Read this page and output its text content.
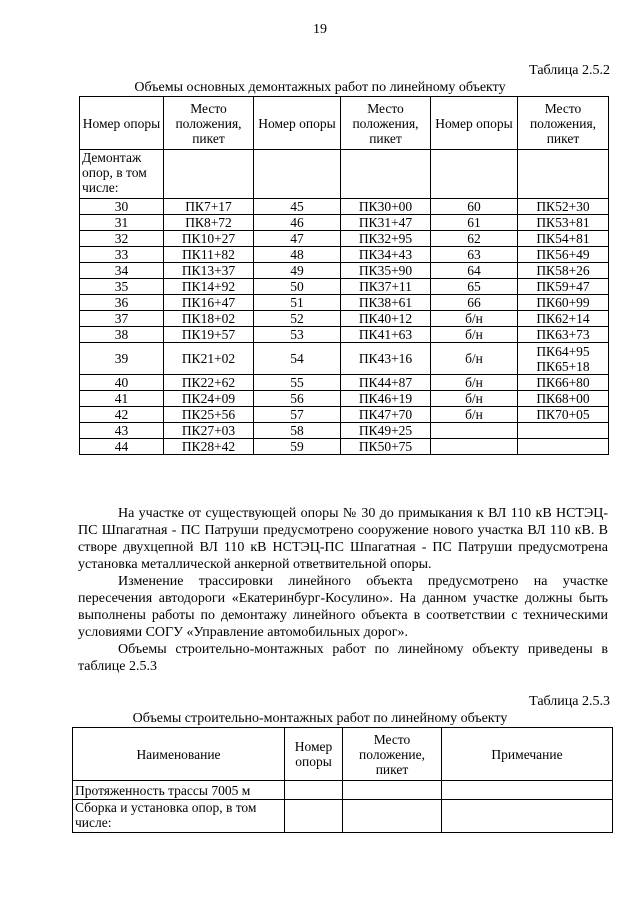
19
Таблица 2.5.2
Объемы основных демонтажных работ по линейному объекту
Номер опоры	Место положения, пикет	Номер опоры	Место положения, пикет	Номер опоры	Место положения, пикет
Демонтаж опор, в том числе:					
30	ПК7+17	45	ПК30+00	60	ПК52+30
31	ПК8+72	46	ПК31+47	61	ПК53+81
32	ПК10+27	47	ПК32+95	62	ПК54+81
33	ПК11+82	48	ПК34+43	63	ПК56+49
34	ПК13+37	49	ПК35+90	64	ПК58+26
35	ПК14+92	50	ПК37+11	65	ПК59+47
36	ПК16+47	51	ПК38+61	66	ПК60+99
37	ПК18+02	52	ПК40+12	б/н	ПК62+14
38	ПК19+57	53	ПК41+63	б/н	ПК63+73
39	ПК21+02	54	ПК43+16	б/н	ПК64+95 ПК65+18
40	ПК22+62	55	ПК44+87	б/н	ПК66+80
41	ПК24+09	56	ПК46+19	б/н	ПК68+00
42	ПК25+56	57	ПК47+70	б/н	ПК70+05
43	ПК27+03	58	ПК49+25		
44	ПК28+42	59	ПК50+75		

На участке от существующей опоры № 30 до примыкания к ВЛ 110 кВ НСТЭЦ-ПС Шпагатная - ПС Патруши предусмотрено сооружение нового участка ВЛ 110 кВ. В створе двухцепной ВЛ 110 кВ НСТЭЦ-ПС Шпагатная - ПС Патруши предусмотрена установка металлической анкерной ответвительной опоры.

Изменение трассировки линейного объекта предусмотрено на участке пересечения автодороги «Екатеринбург-Косулино». На данном участке должны быть выполнены работы по демонтажу линейного объекта в соответствии с техническими условиями СОГУ «Управление автомобильных дорог».

Объемы строительно-монтажных работ по линейному объекту приведены в таблице 2.5.3

Таблица 2.5.3
Объемы строительно-монтажных работ по линейному объекту
Наименование	Номер опоры	Место положение, пикет	Примечание
Протяженность трассы 7005 м			
Сборка и установка опор, в том числе:			
